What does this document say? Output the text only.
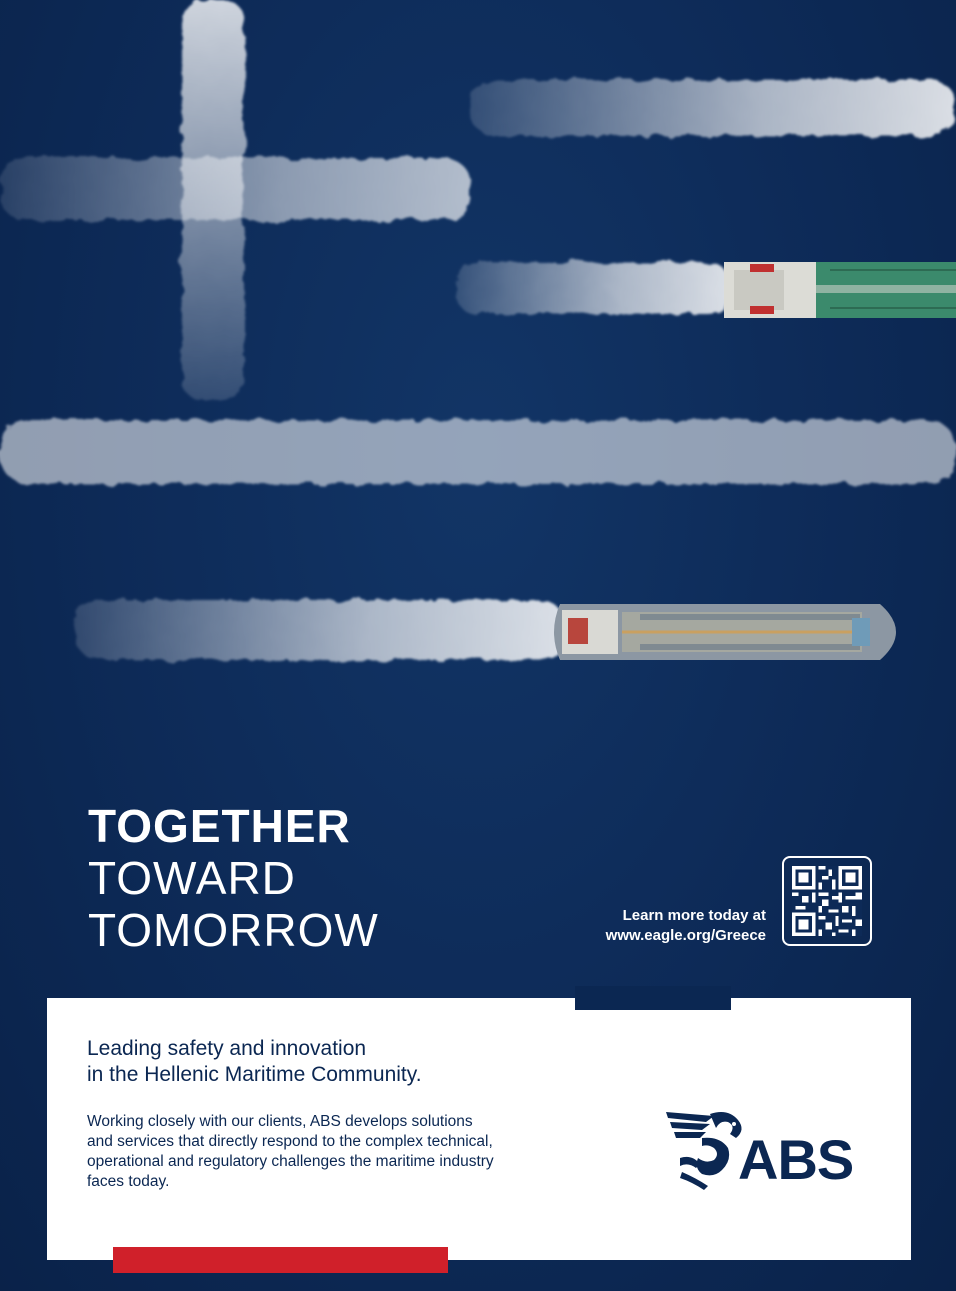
TOGETHER
TOWARD
TOMORROW	Learn more today at
www.eagle.org/Greece
Leading safety and innovation
in the Hellenic Maritime Community.
Working closely with our clients, ABS develops solutions
and services that directly respond to the complex technical,
operational and regulatory challenges the maritime industry
faces today.	ABS
